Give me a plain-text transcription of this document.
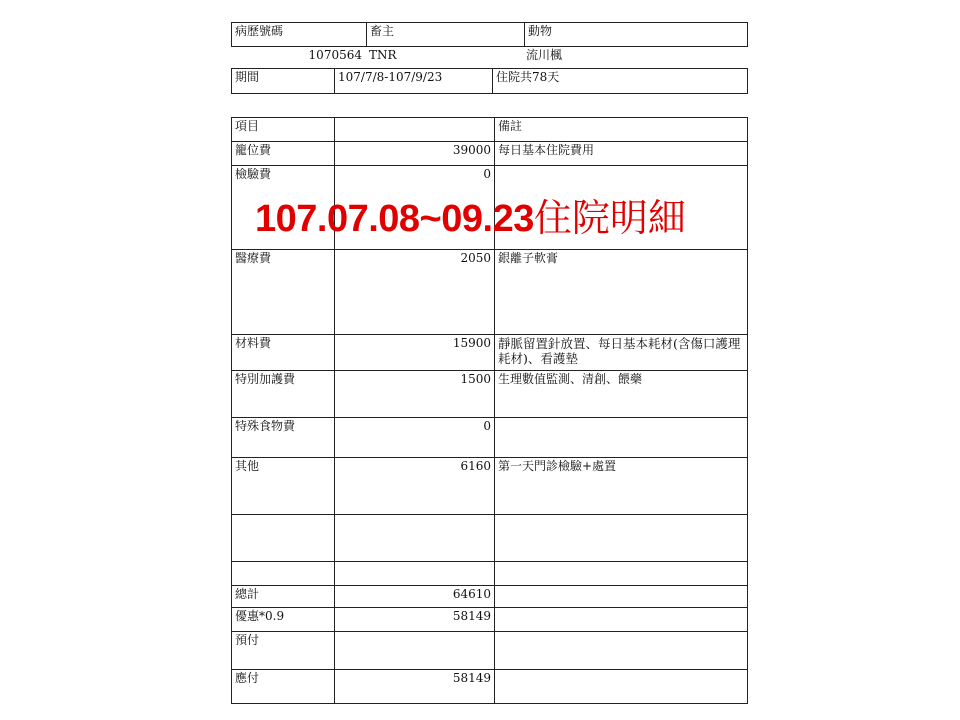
病歷號碼	畜主	動物
1070564	TNR	流川楓
期間	107/7/8-107/9/23	住院共78天
項目		備註
籠位費	39000	每日基本住院費用
檢驗費	0	
醫療費	2050	銀離子軟膏
材料費	15900	靜脈留置針放置、每日基本耗材(含傷口護理耗材)、看護墊
特別加護費	1500	生理數值監測、清創、餵藥
特殊食物費	0	
其他	6160	第一天門診檢驗+處置

總計	64610	
優惠*0.9	58149	
預付		
應付	58149	
107.07.08~09.23住院明細
